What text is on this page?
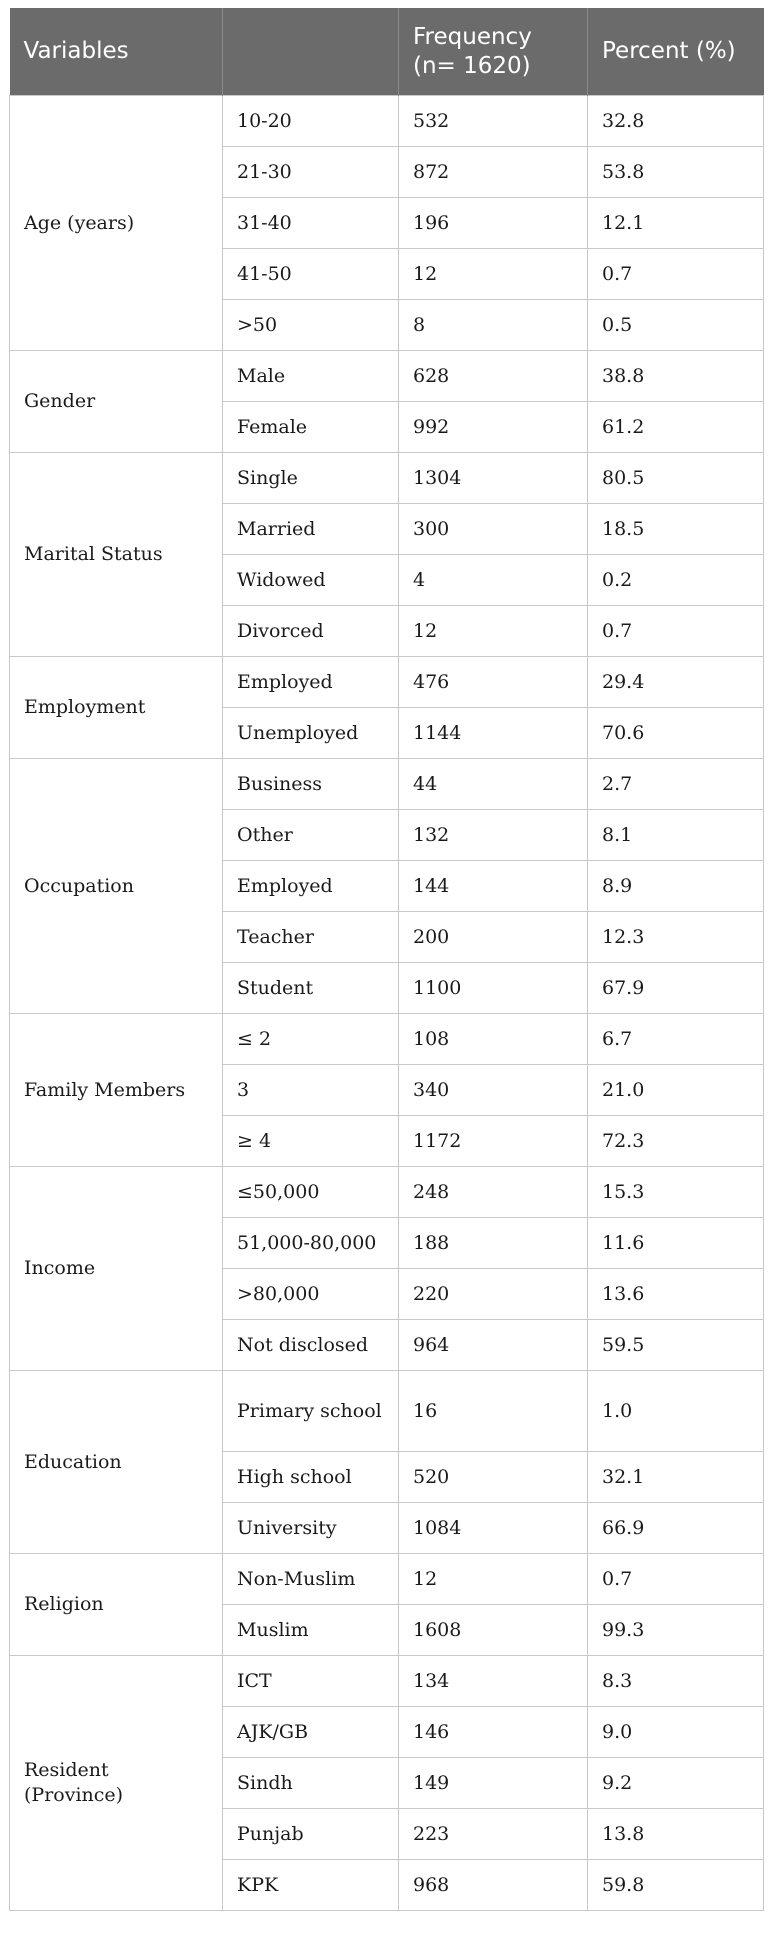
Variables		Frequency (n= 1620)	Percent (%)
Age (years)	10-20	532	32.8
	21-30	872	53.8
	31-40	196	12.1
	41-50	12	0.7
	>50	8	0.5
Gender	Male	628	38.8
	Female	992	61.2
Marital Status	Single	1304	80.5
	Married	300	18.5
	Widowed	4	0.2
	Divorced	12	0.7
Employment	Employed	476	29.4
	Unemployed	1144	70.6
Occupation	Business	44	2.7
	Other	132	8.1
	Employed	144	8.9
	Teacher	200	12.3
	Student	1100	67.9
Family Members	≤ 2	108	6.7
	3	340	21.0
	≥ 4	1172	72.3
Income	≤50,000	248	15.3
	51,000-80,000	188	11.6
	>80,000	220	13.6
	Not disclosed	964	59.5
Education	Primary school	16	1.0
	High school	520	32.1
	University	1084	66.9
Religion	Non-Muslim	12	0.7
	Muslim	1608	99.3
Resident (Province)	ICT	134	8.3
	AJK/GB	146	9.0
	Sindh	149	9.2
	Punjab	223	13.8
	KPK	968	59.8
